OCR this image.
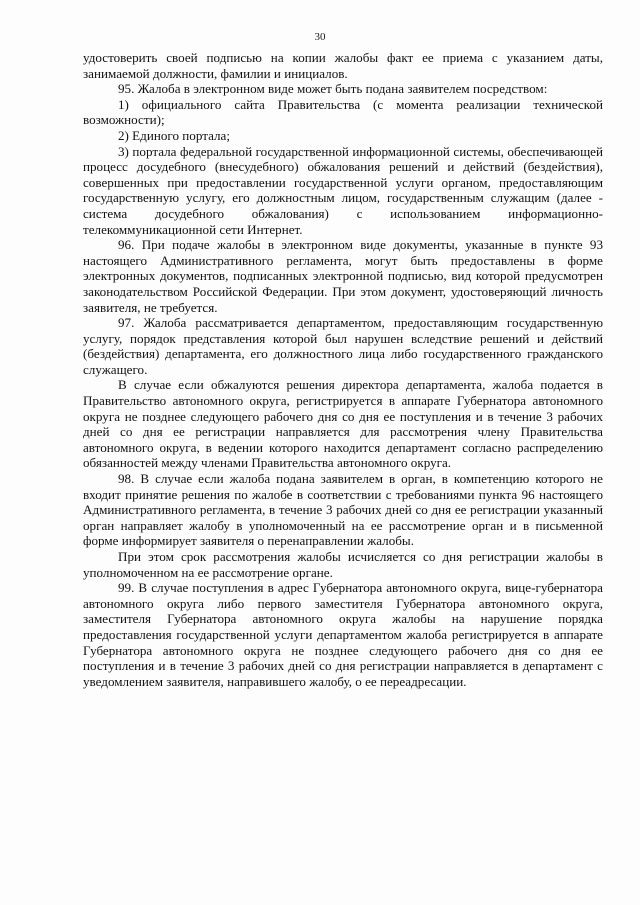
30

удостоверить своей подписью на копии жалобы факт ее приема с указанием даты, занимаемой должности, фамилии и инициалов.

95. Жалоба в электронном виде может быть подана заявителем посредством:

1) официального сайта Правительства (с момента реализации технической возможности);

2) Единого портала;

3) портала федеральной государственной информационной системы, обеспечивающей процесс досудебного (внесудебного) обжалования решений и действий (бездействия), совершенных при предоставлении государственной услуги органом, предоставляющим государственную услугу, его должностным лицом, государственным служащим (далее - система досудебного обжалования) с использованием информационно-телекоммуникационной сети Интернет.

96. При подаче жалобы в электронном виде документы, указанные в пункте 93 настоящего Административного регламента, могут быть предоставлены в форме электронных документов, подписанных электронной подписью, вид которой предусмотрен законодательством Российской Федерации. При этом документ, удостоверяющий личность заявителя, не требуется.

97. Жалоба рассматривается департаментом, предоставляющим государственную услугу, порядок представления которой был нарушен вследствие решений и действий (бездействия) департамента, его должностного лица либо государственного гражданского служащего.

В случае если обжалуются решения директора департамента, жалоба подается в Правительство автономного округа, регистрируется в аппарате Губернатора автономного округа не позднее следующего рабочего дня со дня ее поступления и в течение 3 рабочих дней со дня ее регистрации направляется для рассмотрения члену Правительства автономного округа, в ведении которого находится департамент согласно распределению обязанностей между членами Правительства автономного округа.

98. В случае если жалоба подана заявителем в орган, в компетенцию которого не входит принятие решения по жалобе в соответствии с требованиями пункта 96 настоящего Административного регламента, в течение 3 рабочих дней со дня ее регистрации указанный орган направляет жалобу в уполномоченный на ее рассмотрение орган и в письменной форме информирует заявителя о перенаправлении жалобы.

При этом срок рассмотрения жалобы исчисляется со дня регистрации жалобы в уполномоченном на ее рассмотрение органе.

99. В случае поступления в адрес Губернатора автономного округа, вице-губернатора автономного округа либо первого заместителя Губернатора автономного округа, заместителя Губернатора автономного округа жалобы на нарушение порядка предоставления государственной услуги департаментом жалоба регистрируется в аппарате Губернатора автономного округа не позднее следующего рабочего дня со дня ее поступления и в течение 3 рабочих дней со дня регистрации направляется в департамент с уведомлением заявителя, направившего жалобу, о ее переадресации.
